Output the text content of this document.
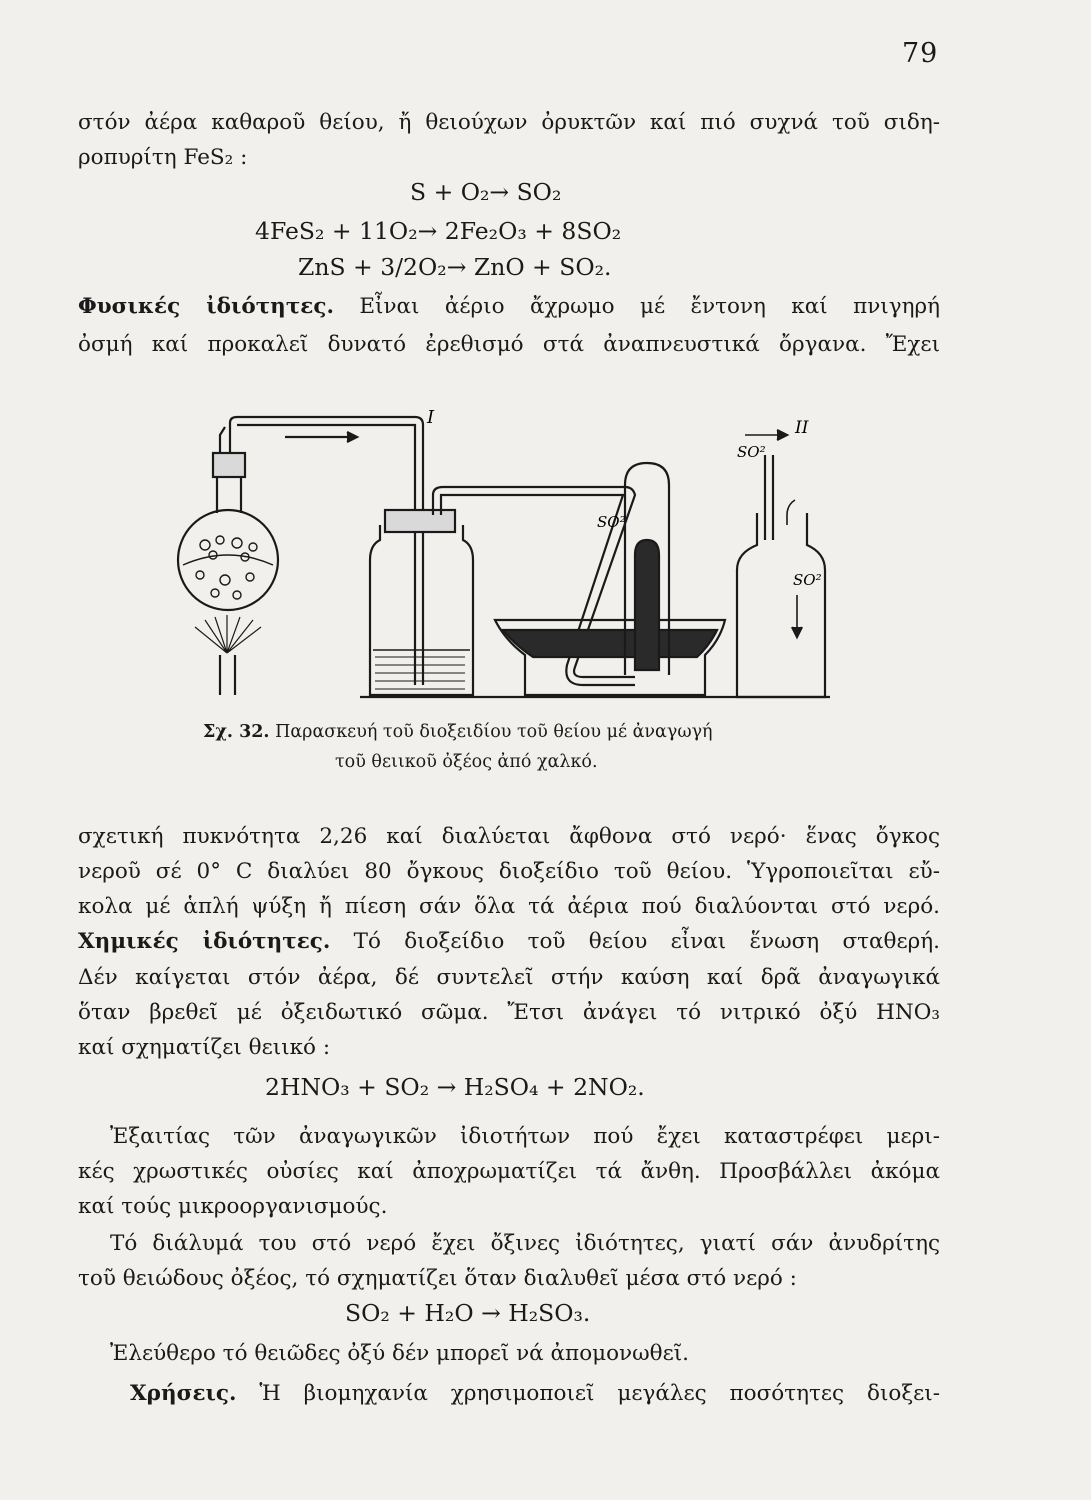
79
στόν ἀέρα καθαροῦ θείου, ἤ θειούχων ὀρυκτῶν καί πιό συχνά τοῦ σιδη-
ροπυρίτη FeS₂ :
S + O₂→ SO₂
4FeS₂ + 11O₂→ 2Fe₂O₃ + 8SO₂
ZnS + 3/2O₂→ ZnO + SO₂.
Φυσικές ἰδιότητες. Εἶναι ἀέριο ἄχρωμο μέ ἔντονη καί πνιγηρή
ὀσμή καί προκαλεῖ δυνατό ἐρεθισμό στά ἀναπνευστικά ὄργανα. Ἔχει
I	II
SO²
SO²
SO²
Σχ. 32. Παρασκευή τοῦ διοξειδίου τοῦ θείου μέ ἀναγωγή
τοῦ θειικοῦ ὀξέος ἀπό χαλκό.
σχετική πυκνότητα 2,26 καί διαλύεται ἄφθονα στό νερό· ἕνας ὄγκος
νεροῦ σέ 0° C διαλύει 80 ὄγκους διοξείδιο τοῦ θείου. Ὑγροποιεῖται εὔ-
κολα μέ ἁπλή ψύξη ἤ πίεση σάν ὅλα τά ἀέρια πού διαλύονται στό νερό.
Χημικές ἰδιότητες. Τό διοξείδιο τοῦ θείου εἶναι ἕνωση σταθερή.
Δέν καίγεται στόν ἀέρα, δέ συντελεῖ στήν καύση καί δρᾶ ἀναγωγικά
ὅταν βρεθεῖ μέ ὀξειδωτικό σῶμα. Ἔτσι ἀνάγει τό νιτρικό ὀξύ HNO₃
καί σχηματίζει θειικό :
2HNO₃ + SO₂ → H₂SO₄ + 2NO₂.
Ἐξαιτίας τῶν ἀναγωγικῶν ἰδιοτήτων πού ἔχει καταστρέφει μερι-
κές χρωστικές οὐσίες καί ἀποχρωματίζει τά ἄνθη. Προσβάλλει ἀκόμα
καί τούς μικροοργανισμούς.
Τό διάλυμά του στό νερό ἔχει ὄξινες ἰδιότητες, γιατί σάν ἀνυδρίτης
τοῦ θειώδους ὀξέος, τό σχηματίζει ὅταν διαλυθεῖ μέσα στό νερό :
SO₂ + H₂O → H₂SO₃.
Ἐλεύθερο τό θειῶδες ὀξύ δέν μπορεῖ νά ἀπομονωθεῖ.
Χρήσεις. Ἡ βιομηχανία χρησιμοποιεῖ μεγάλες ποσότητες διοξει-
